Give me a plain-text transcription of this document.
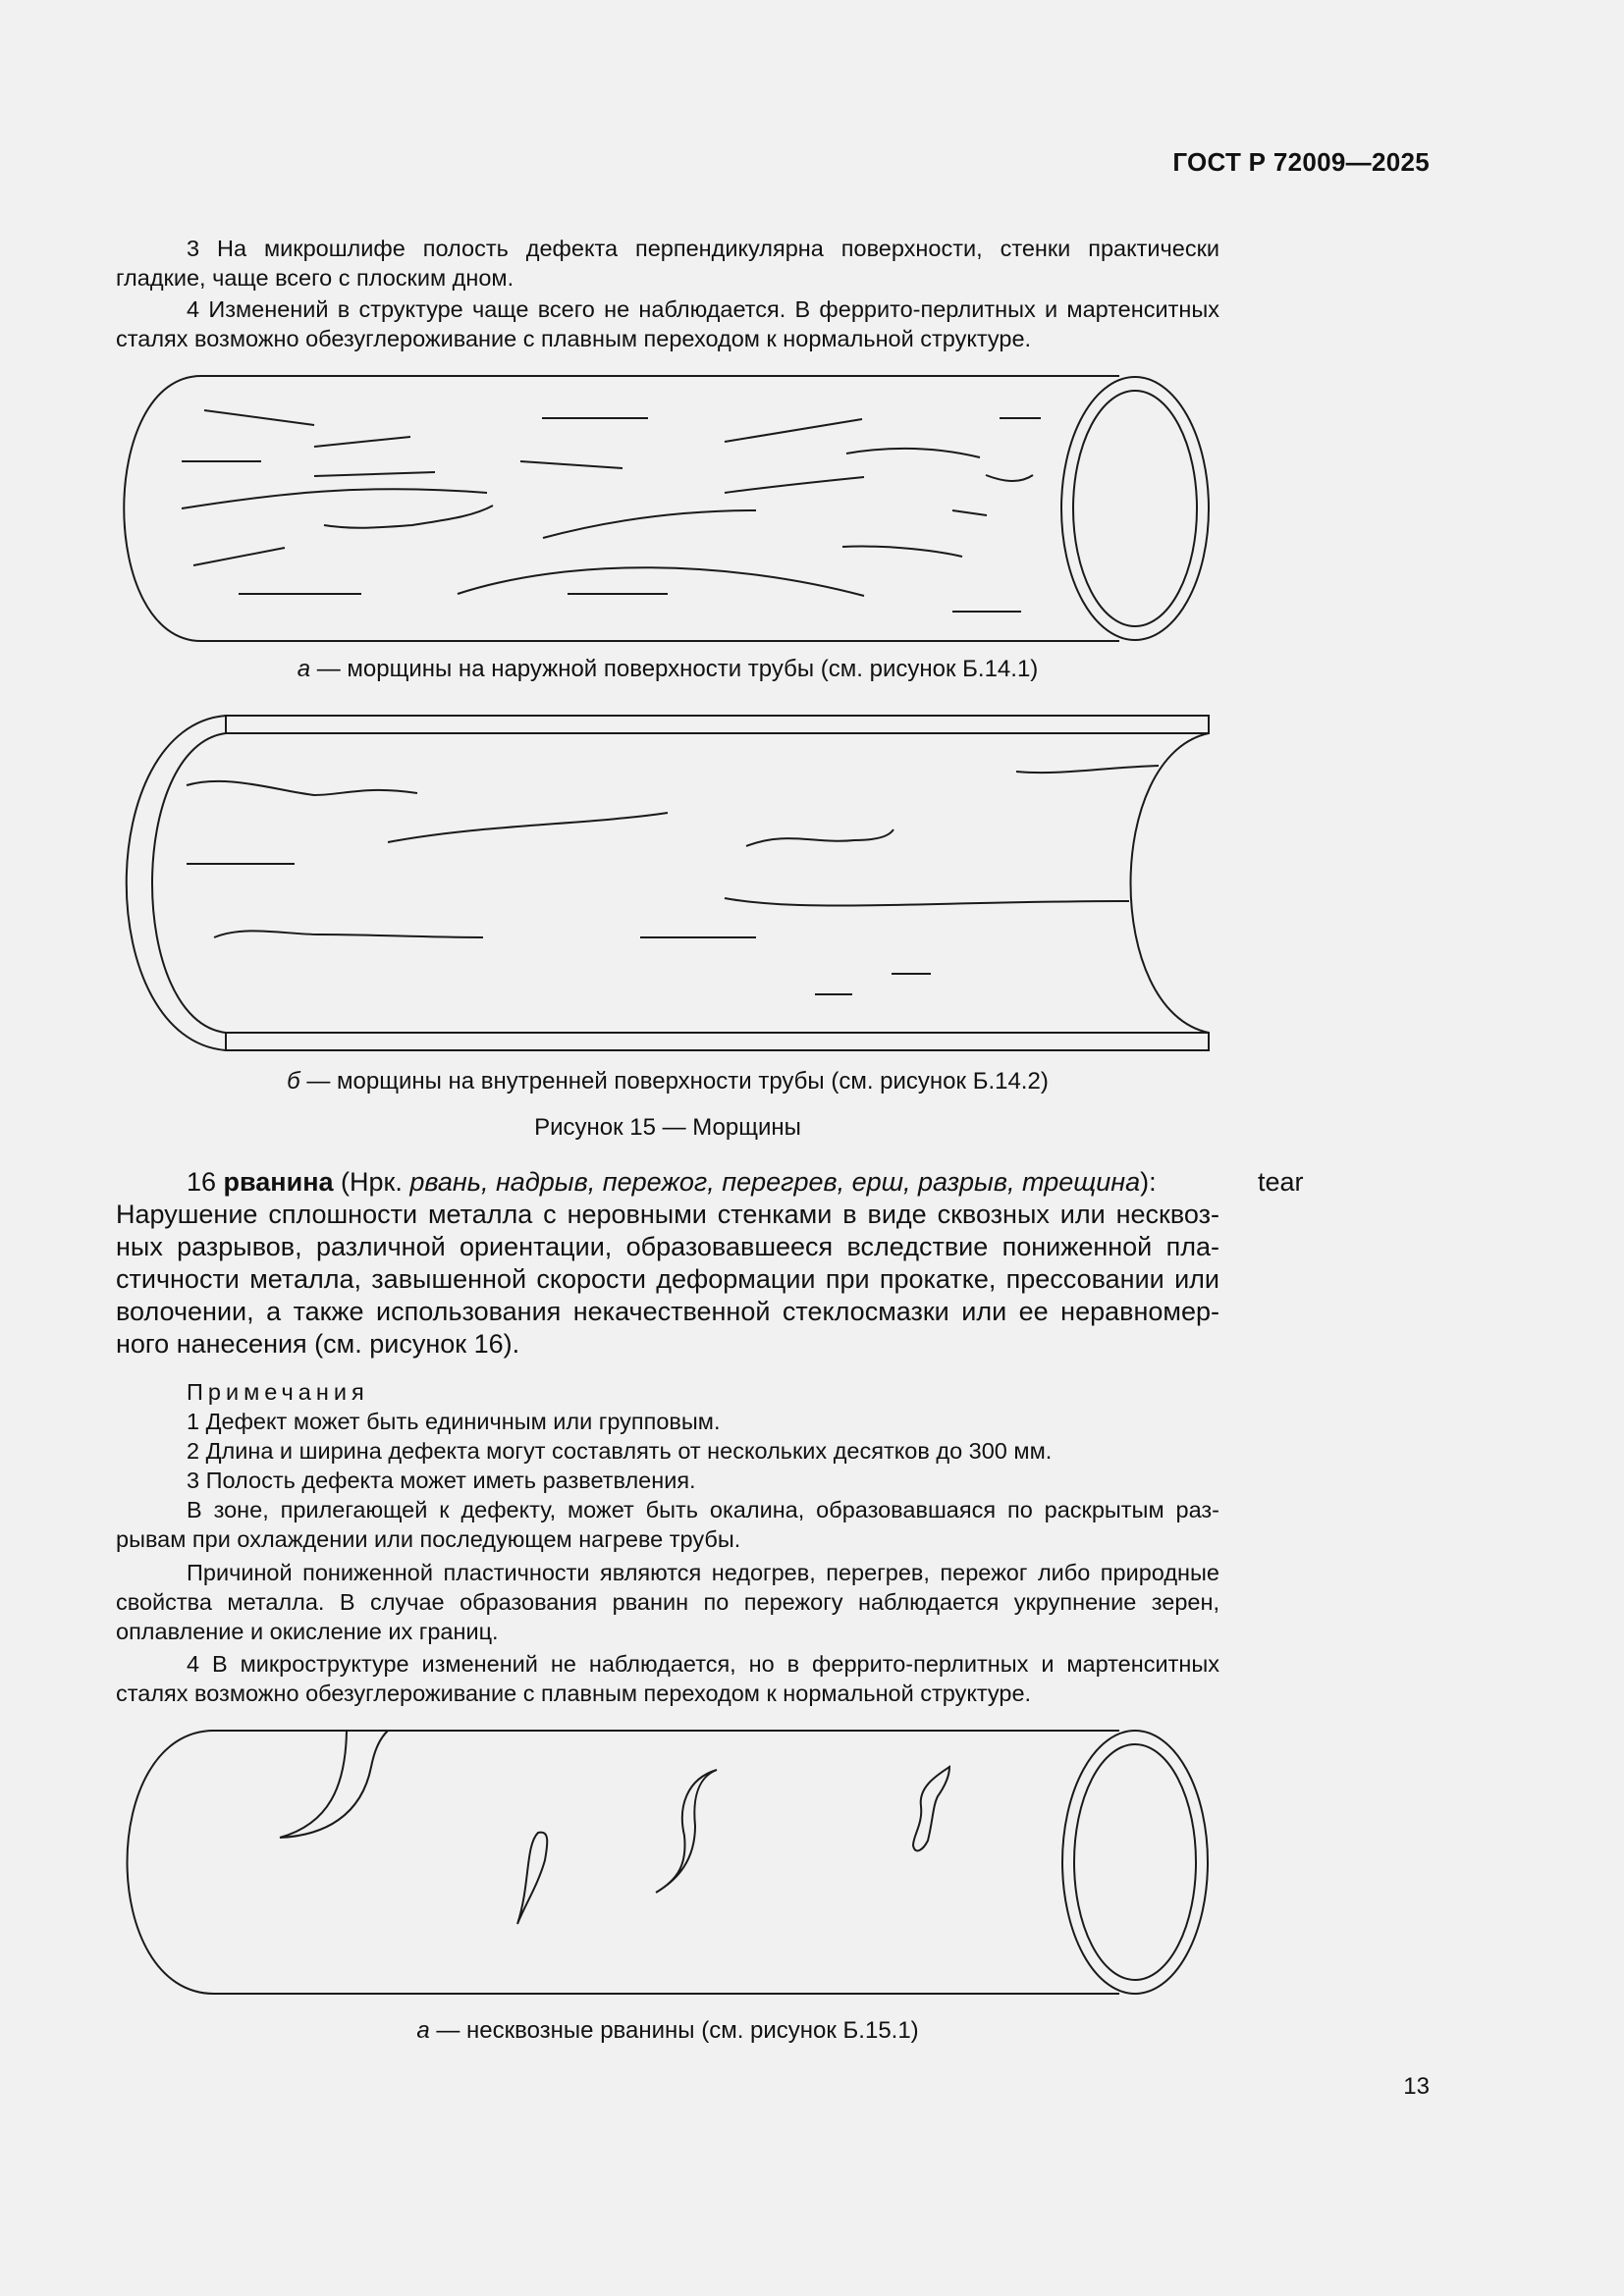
ГОСТ Р 72009—2025
3 На микрошлифе полость дефекта перпендикулярна поверхности, стенки практически гладкие, чаще всего с плоским дном.
4 Изменений в структуре чаще всего не наблюдается. В феррито-перлитных и мартенситных сталях возможно обезуглероживание с плавным переходом к нормальной структуре.
а — морщины на наружной поверхности трубы (см. рисунок Б.14.1)
б — морщины на внутренней поверхности трубы (см. рисунок Б.14.2)
Рисунок 15 — Морщины
16 рванина (Нрк. рвань, надрыв, пережог, перегрев, ерш, разрыв, трещина):	tear
Нарушение сплошности металла с неровными стенками в виде сквозных или несквозных разрывов, различной ориентации, образовавшееся вследствие пониженной пластичности металла, завышенной скорости деформации при прокатке, прессовании или волочении, а также использования некачественной стеклосмазки или ее неравномерного нанесения (см. рисунок 16).
Примечания
1 Дефект может быть единичным или групповым.
2 Длина и ширина дефекта могут составлять от нескольких десятков до 300 мм.
3 Полость дефекта может иметь разветвления.
В зоне, прилегающей к дефекту, может быть окалина, образовавшаяся по раскрытым разрывам при охлаждении или последующем нагреве трубы.
Причиной пониженной пластичности являются недогрев, перегрев, пережог либо природные свойства металла. В случае образования рванин по пережогу наблюдается укрупнение зерен, оплавление и окисление их границ.
4 В микроструктуре изменений не наблюдается, но в феррито-перлитных и мартенситных сталях возможно обезуглероживание с плавным переходом к нормальной структуре.
а — несквозные рванины (см. рисунок Б.15.1)
13
